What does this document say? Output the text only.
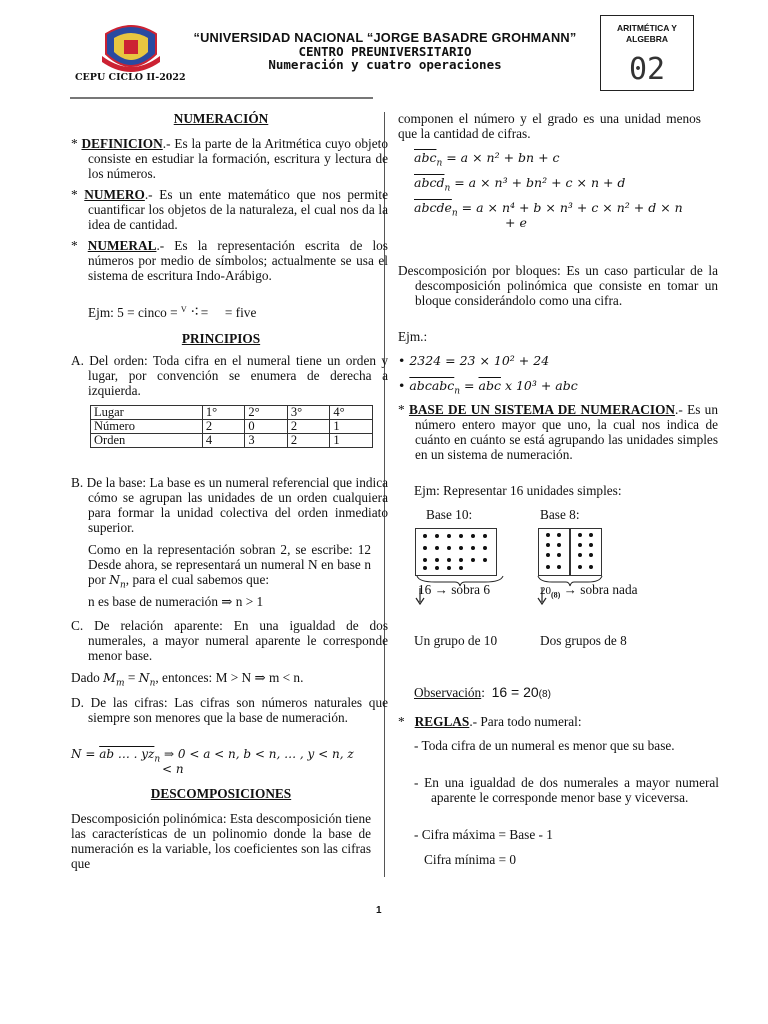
CEPU CICLO II-2022
“UNIVERSIDAD NACIONAL “JORGE BASADRE GROHMANN”
CENTRO PREUNIVERSITARIO
Numeración y cuatro operaciones
ARITMÉTICA Y ALGEBRA
02
NUMERACIÓN
* DEFINICION.- Es la parte de la Aritmética cuyo objeto consiste en estudiar la formación, escritura y lectura de los números.
* NUMERO.- Es un ente matemático que nos permite cuantificar los objetos de la naturaleza, el cual nos da la idea de cantidad.
* NUMERAL.- Es la representación escrita de los números por medio de símbolos; actualmente se usa el sistema de escritura Indo-Arábigo.
Ejm: 5 = cinco = $^V$ ⁖ = = five
PRINCIPIOS
A. Del orden: Toda cifra en el numeral tiene un orden y lugar, por convención se enumera de derecha a izquierda.
Lugar	1°	2°	3°	4°
Número	2	0	2	1
Orden	4	3	2	1
B. De la base: La base es un numeral referencial que indica cómo se agrupan las unidades de un orden cualquiera para formar la unidad colectiva del orden inmediato superior.
Como en la representación sobran 2, se escribe: 12 Desde ahora, se representará un numeral N en base n por $N_n$, para el cual sabemos que:
n es base de numeración ⇒ n > 1
C. De relación aparente: En una igualdad de dos numerales, a mayor numeral aparente le corresponde menor base.
Dado $M_m = N_n$, entonces: M > N ⇒ m < n.
D. De las cifras: Las cifras son números naturales que siempre son menores que la base de numeración.
N = ab … . $yz_n$ ⇒ 0 < a < n, b < n, … , y < n, z
< n
DESCOMPOSICIONES
Descomposición polinómica: Esta descomposición tiene las características de un polinomio donde la base de numeración es la variable, los coeficientes son las cifras que
componen el número y el grado es una unidad menos que la cantidad de cifras.
$\overline{abc}_n = a \times n^2$ + bn + c
abcd$_n$ = a × n³ + bn² + c × n + d
abcde$_n$ = a × n⁴ + b × n³ + c × n² + d × n
+ e
Descomposición por bloques: Es un caso particular de la descomposición polinómica que consiste en tomar un bloque considerándolo como una cifra.
Ejm.:
• 2324 = 23 × 10² + 24
• abcabc$_n$ = $\overline{abc}$ x 10³ + abc
* BASE DE UN SISTEMA DE NUMERACION.- Es un número entero mayor que uno, la cual nos indica de cuánto en cuánto se está agrupando las unidades simples en un sistema de numeración.
Ejm: Representar 16 unidades simples:
Base 10:	Base 8:
16 → sobra 6	$20_{(8)}$ → sobra nada
Un grupo de 10	Dos grupos de 8
Observación: 16 = 20(8)
*   REGLAS.- Para todo numeral:
- Toda cifra de un numeral es menor que su base.
- En una igualdad de dos numerales a mayor numeral aparente le corresponde menor base y viceversa.
- Cifra máxima = Base - 1
Cifra mínima = 0
1
